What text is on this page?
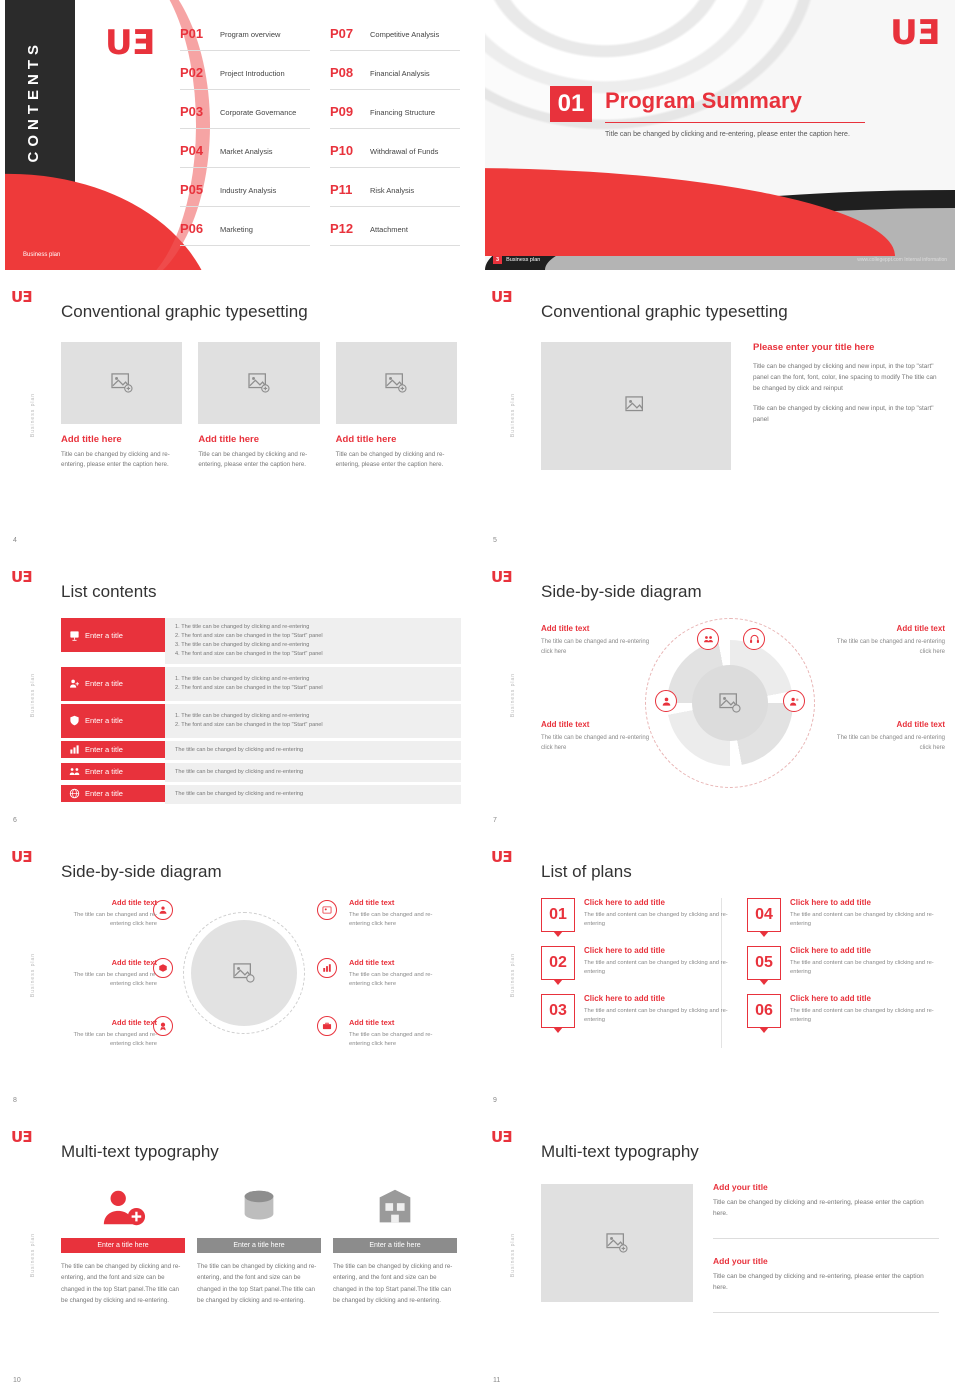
CONTENTS
Business plan
UƎ P01 Program overview	P07 Competitive Analysis
P02 Project Introduction	P08 Financial Analysis
P03 Corporate Governance	P09 Financing Structure
P04 Market Analysis	P10 Withdrawal of Funds
P05 Industry Analysis	P11 Risk Analysis
P06 Marketing	P12 Attachment
UƎ
01 Program Summary
Title can be changed by clicking and re-entering, please enter the caption here.
3 Business plan	www.collegeppt.com Internal information
UƎ
Business plan
Conventional graphic typesetting
Add title here

Title can be changed by clicking and re-entering, please enter the caption here.

Add title here

Title can be changed by clicking and re-entering, please enter the caption here.

Add title here

Title can be changed by clicking and re-entering, please enter the caption here.

4
UƎ
Business plan
Conventional graphic typesetting
Please enter your title here

Title can be changed by clicking and new input, in the top "start" panel can the font, font, color, line spacing to modify The title can be changed by click and reinput

Title can be changed by clicking and new input, in the top "start" panel

5
UƎ
Business plan
List contents
Enter a title
1. The title can be changed by clicking and re-entering
2. The font and size can be changed in the top "Start" panel
3. The title can be changed by clicking and re-entering
4. The font and size can be changed in the top "Start" panel
Enter a title
1. The title can be changed by clicking and re-entering
2. The font and size can be changed in the top "Start" panel
Enter a title
1. The title can be changed by clicking and re-entering
2. The font and size can be changed in the top "Start" panel
Enter a title	The title can be changed by clicking and re-entering
Enter a title	The title can be changed by clicking and re-entering
Enter a title	The title can be changed by clicking and re-entering
6
UƎ
Business plan
Side-by-side diagram
Add title text

The title can be changed and re-entering click here

Add title text

The title can be changed and re-entering click here

Add title text

The title can be changed and re-entering click here

Add title text

The title can be changed and re-entering click here

7
UƎ
Business plan
Side-by-side diagram
Add title text

The title can be changed and re-entering click here

Add title text

The title can be changed and re-entering click here

Add title text

The title can be changed and re-entering click here

Add title text

The title can be changed and re-entering click here

Add title text

The title can be changed and re-entering click here

Add title text

The title can be changed and re-entering click here

8
UƎ
Business plan
List of plans
01
Click here to add title

The title and content can be changed by clicking and re-entering

04
Click here to add title

The title and content can be changed by clicking and re-entering

02
Click here to add title

The title and content can be changed by clicking and re-entering

05
Click here to add title

The title and content can be changed by clicking and re-entering

03
Click here to add title

The title and content can be changed by clicking and re-entering

06
Click here to add title

The title and content can be changed by clicking and re-entering

9
UƎ
Business plan
Multi-text typography
Enter a title here

The title can be changed by clicking and re-entering, and the font and size can be changed in the top Start panel.The title can be changed by clicking and re-entering.

Enter a title here

The title can be changed by clicking and re-entering, and the font and size can be changed in the top Start panel.The title can be changed by clicking and re-entering.

Enter a title here

The title can be changed by clicking and re-entering, and the font and size can be changed in the top Start panel.The title can be changed by clicking and re-entering.

10
UƎ
Business plan
Multi-text typography
Add your title

Title can be changed by clicking and re-entering, please enter the caption here.

Add your title

Title can be changed by clicking and re-entering, please enter the caption here.

11
